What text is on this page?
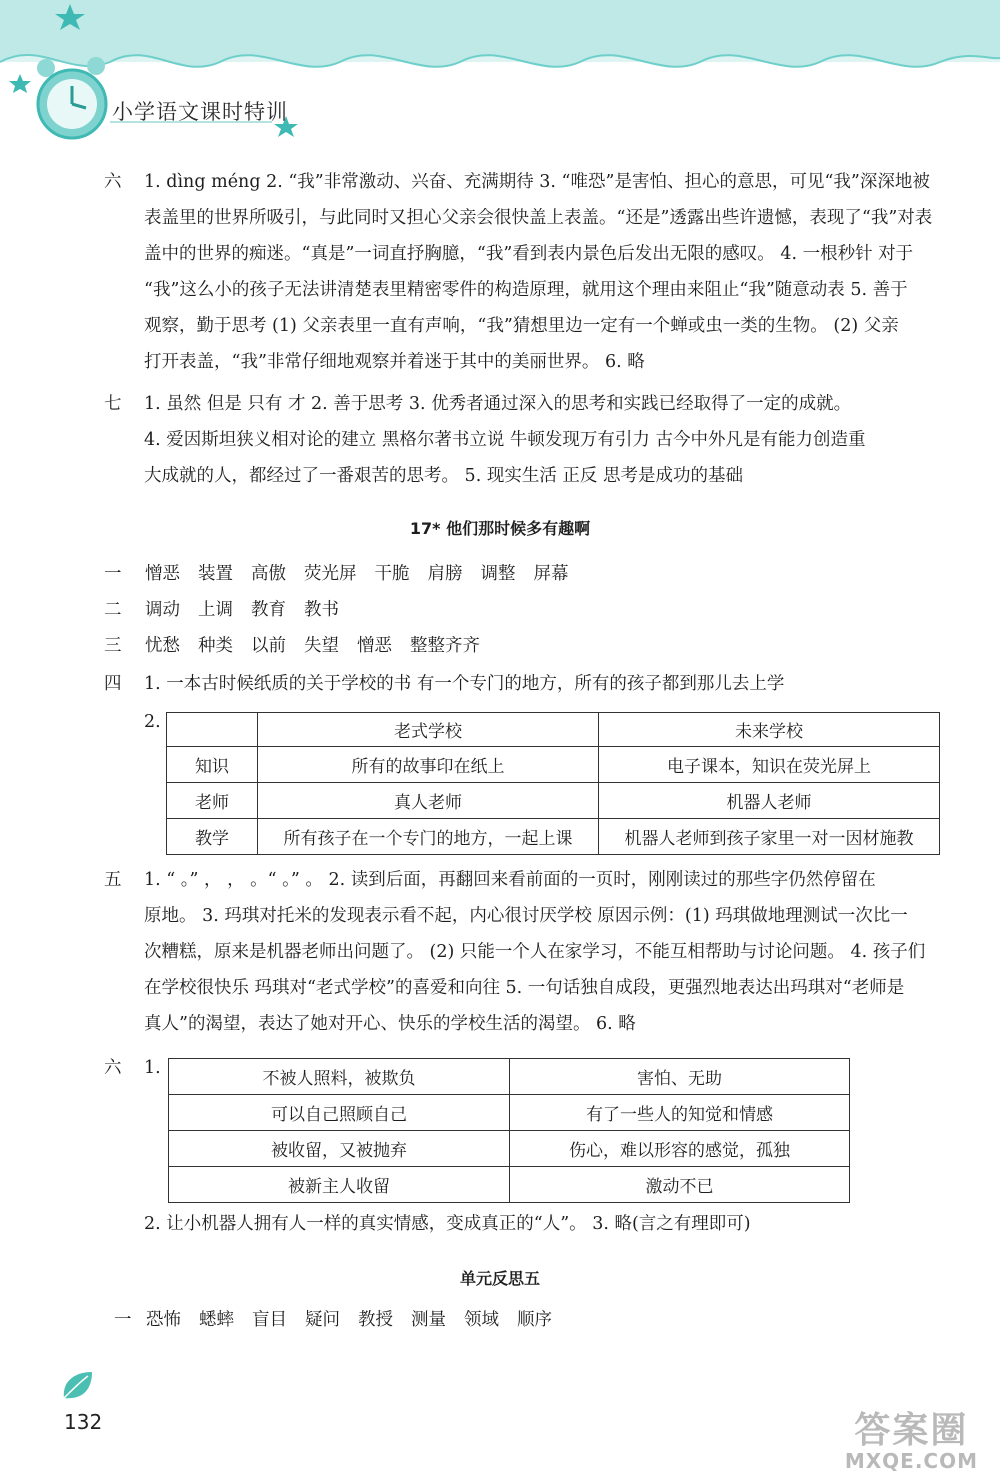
小学语文课时特训
六 1. dìng méng 2. “我”非常激动、兴奋、充满期待 3. “唯恐”是害怕、担心的意思，可见“我”深深地被
表盖里的世界所吸引，与此同时又担心父亲会很快盖上表盖。“还是”透露出些许遗憾，表现了“我”对表
盖中的世界的痴迷。“真是”一词直抒胸臆，“我”看到表内景色后发出无限的感叹。 4. 一根秒针 对于
“我”这么小的孩子无法讲清楚表里精密零件的构造原理，就用这个理由来阻止“我”随意动表 5. 善于
观察，勤于思考 (1) 父亲表里一直有声响，“我”猜想里边一定有一个蝉或虫一类的生物。 (2) 父亲
打开表盖，“我”非常仔细地观察并着迷于其中的美丽世界。 6. 略
七 1. 虽然 但是 只有 才 2. 善于思考 3. 优秀者通过深入的思考和实践已经取得了一定的成就。
4. 爱因斯坦狭义相对论的建立 黑格尔著书立说 牛顿发现万有引力 古今中外凡是有能力创造重
大成就的人，都经过了一番艰苦的思考。 5. 现实生活 正反 思考是成功的基础
17* 他们那时候多有趣啊
一 憎恶 装置 高傲 荧光屏 干脆 肩膀 调整 屏幕
二 调动 上调 教育 教书
三 忧愁 种类 以前 失望 憎恶 整整齐齐
四 1. 一本古时候纸质的关于学校的书 有一个专门的地方，所有的孩子都到那儿去上学
2.
		老式学校	未来学校
知识	所有的故事印在纸上	电子课本，知识在荧光屏上
老师	真人老师	机器人老师
教学	所有孩子在一个专门的地方，一起上课	机器人老师到孩子家里一对一因材施教
五 1. “ 。” ， ， 。“ 。” 。 2. 读到后面，再翻回来看前面的一页时，刚刚读过的那些字仍然停留在
原地。 3. 玛琪对托米的发现表示看不起，内心很讨厌学校 原因示例：(1) 玛琪做地理测试一次比一
次糟糕，原来是机器老师出问题了。 (2) 只能一个人在家学习，不能互相帮助与讨论问题。 4. 孩子们
在学校很快乐 玛琪对“老式学校”的喜爱和向往 5. 一句话独自成段，更强烈地表达出玛琪对“老师是
真人”的渴望，表达了她对开心、快乐的学校生活的渴望。 6. 略
六 1.
不被人照料，被欺负	害怕、无助
可以自己照顾自己	有了一些人的知觉和情感
被收留，又被抛弃	伤心，难以形容的感觉，孤独
被新主人收留	激动不已
2. 让小机器人拥有人一样的真实情感，变成真正的“人”。 3. 略(言之有理即可)
单元反思五
一 恐怖 蟋蟀 盲目 疑问 教授 测量 领域 顺序
132	答案圈
MXQE.COM
